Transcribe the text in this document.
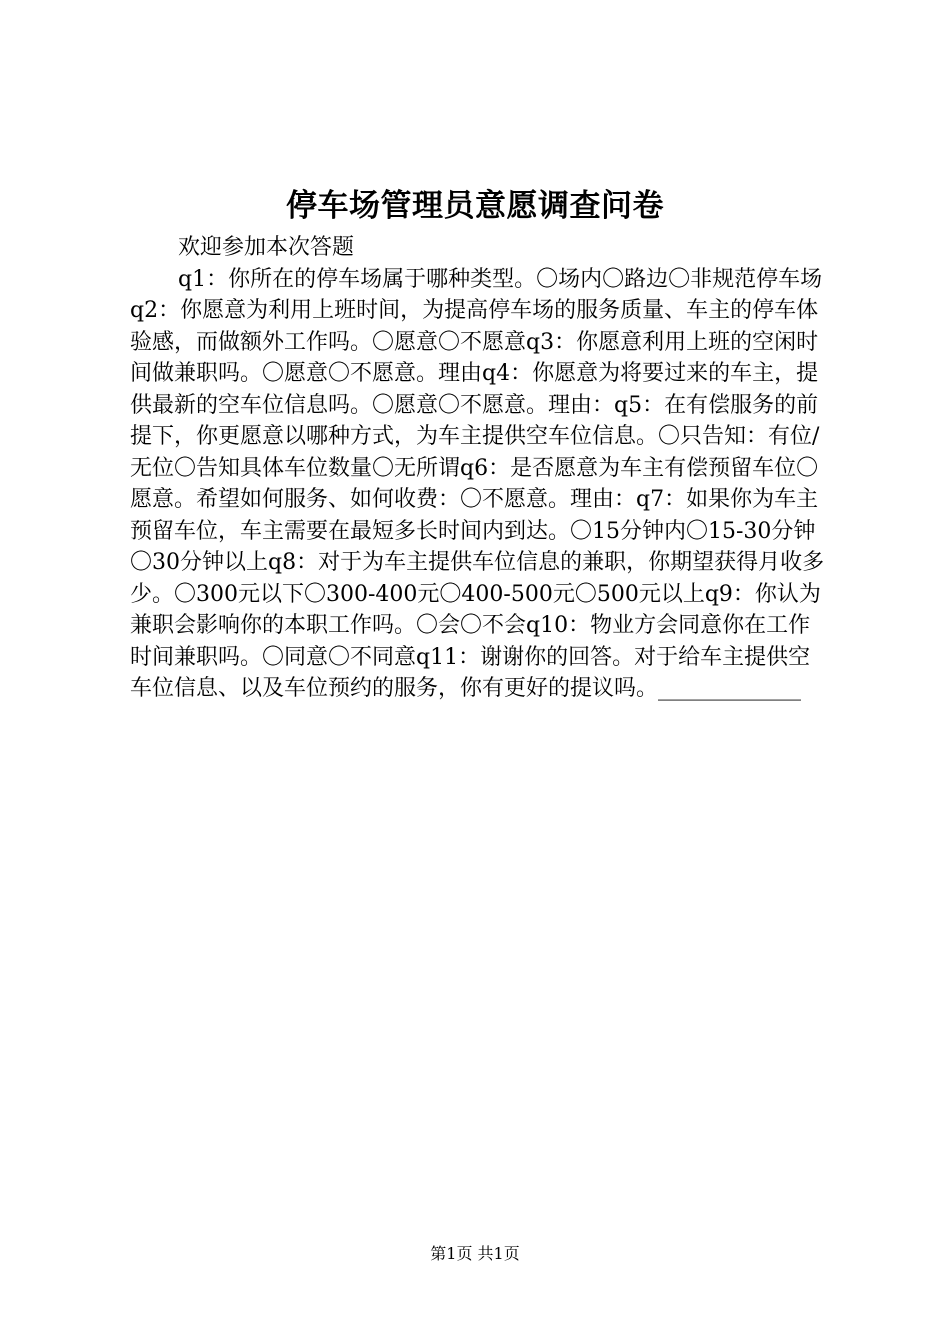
停车场管理员意愿调查问卷

欢迎参加本次答题

q1：你所在的停车场属于哪种类型。〇场内〇路边〇非规范停车场q2：你愿意为利用上班时间，为提高停车场的服务质量、车主的停车体验感，而做额外工作吗。〇愿意〇不愿意q3：你愿意利用上班的空闲时间做兼职吗。〇愿意〇不愿意。理由q4：你愿意为将要过来的车主，提供最新的空车位信息吗。〇愿意〇不愿意。理由：q5：在有偿服务的前提下，你更愿意以哪种方式，为车主提供空车位信息。〇只告知：有位/无位〇告知具体车位数量〇无所谓q6：是否愿意为车主有偿预留车位〇愿意。希望如何服务、如何收费：〇不愿意。理由：q7：如果你为车主预留车位，车主需要在最短多长时间内到达。〇15分钟内〇15-30分钟〇30分钟以上q8：对于为车主提供车位信息的兼职，你期望获得月收多少。〇300元以下〇300-400元〇400-500元〇500元以上q9：你认为兼职会影响你的本职工作吗。〇会〇不会q10：物业方会同意你在工作时间兼职吗。〇同意〇不同意q11：谢谢你的回答。对于给车主提供空车位信息、以及车位预约的服务，你有更好的提议吗。_____________

第1页 共1页
